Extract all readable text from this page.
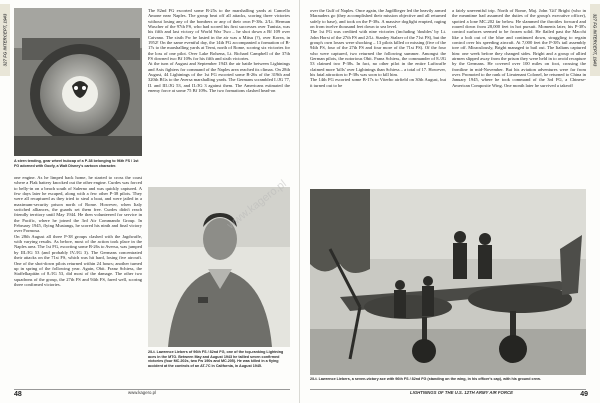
327 FG INTERCEPT, 1943
A stern tending, gear wheel hubcap of a P-38 belonging to 96th FS / 1st FG adorned with Goofy, a Walt Disney's cartoon character.
The 82nd FG escorted some B-25s to the marshalling yards at Cancello Amone near Naples. The group beat off all attacks, scoring three victories without losing any of the bombers or any of their own P-38s. 2/Lt. Herman Wascher of the 97th FS, who had scored his first successes over Tunisia, was his fifth and last victory of World War Two – he shot down a Bf 109 over Caivano. The sixth Fw he lasted in the air was a Mitsu (?), over Korea, in 1952! On the same eventful day, the 14th FG accompanied a formation of B-17s to the marshalling yards at Terni, north of Rome, scoring six victories for the loss of one pilot. Over Lake Bolsena, Lt. Richard Campbell of the 37th FS downed two Bf 109s for his fifth and sixth victories.
At the turn of August and September 1943 the air battle between Lightnings and Axis fighters for command of the Naples area reached its climax. On 28th August, 44 Lightnings of the 1st FG escorted some B-26s of the 319th and 320th BGs to the Aversa marshalling yards. The Germans scrambled I./JG 77, II. and III./JG 53, and II./JG 3 against them. The Americans estimated the enemy force at some 75 Bf 109s. The two formations clashed head-on
one engine. As he limped back home, he started to cross the coast where a Flak battery knocked out the other engine. Curdes was forced to belly-in on a beach south of Salerno and was quickly captured. A few days later he escaped, along with a few other P-38 pilots. They were all recaptured as they tried to steal a boat, and were jailed in a maximum-security prison north of Rome. However, when Italy switched alliances, the guards set them free. Curdes didn't reach friendly territory until May 1944. He then volunteered for service in the Pacific, where he joined the 3rd Air Commando Group. In February 1945, flying Mustangs, he scored his ninth and final victory over Formosa.
On 28th August all three P-38 groups clashed with the Jagdwaffe, with varying results. As before, most of the action took place in the Naples area. The 1st FG, escorting some B-26s to Aversa, was jumped by III./JG 53 (and probably IV./JG 3). The Germans concentrated their attacks on the 71st FS, which was hit hard, losing five aircraft. One of the shot-down pilots returned within 24 hours; another turned up in spring of the following year. Again, Obit. Franz Schiess, the Staffelkapitän of 8./JG 53, did most of the damage. The other two squadrons of the group, the 27th FS and 94th FS, fared well, scoring three confirmed victories.
2/Lt. Lawrence Liebers of 96th FS / 82nd FG, one of the top-ranking Lightning aces in the MTO. Between May and August 1943 he tallied seven confirmed victories (four MC.202s, two Fw 190s and MC.205). He was killed in a flying accident at the controls of an AT-7C in California, in August 1945.
48	www.kagero.pl
327 FG INTERCEPT, 1943
over the Gulf of Naples. Once again, the Jagdflieger led the heavily armed Marauders go (they accomplished their mission objective and all returned safely to base), and took on the P-38s. A massive dogfight erupted, raging on from twelve thousand feet down to sea level.
The 1st FG was credited with nine victories (including 'doubles' by Lt. John Horst of the 27th FS and 2/Lt. Stanley Stalzer of the 71st FS), but the group's own losses were shocking – 13 pilots killed or missing (five of the 94th FS, four of the 27th FS and four more of the 71st FS). Of the four who were captured, two returned the following summer. Amongst the German pilots, the notorious Obit. Franz Schiess, the commander of 8./JG 53 claimed two P-38s. In fact, no other pilot in the entire Luftwaffe claimed more 'kills' over Lightnings than Schiess – a total of 17. However, his fatal attraction to P-38s was soon to kill him.
The 14th FG escorted some B-17s to Viterbo airfield on 30th August, but it turned out to be
a fairly uneventful trip. North of Rome, Maj. John 'Gil' Bright (who in the meantime had assumed the duties of the group's executive officer), spotted a lone MC.202 far below. He slammed the throttles forward and roared down from 28,000 feet in hot pursuit. Moments later, his P-38's control surfaces seemed to be frozen solid. He flailed past the Macchi like a bolt out of the blue and continued down, struggling to regain control over his speeding aircraft. At 7,000 feet the P-38's tail assembly tore off. Miraculously, Bright managed to bail out. The Italians captured him: one week before they changed sides. Bright and a group of allied airmen slipped away from the prison they were held in to avoid recapture by the Germans. He covered over 100 miles on foot, crossing the frontline in mid-November. But his aviation adventures were far from over. Promoted to the rank of Lieutenant Colonel, he returned to China in January 1945, where he took command of the 3rd FG, a Chinese-American Composite Wing. One month later he survived a takeoff
2/Lt. Lawrence Liebers, a seven-victory ace with 96th FS / 82nd FG (standing on the wing, in his officer's cap), with his ground crew.
LIGHTNINGS OF THE U.S. 12TH ARMY AIR FORCE	49
www.kagero.pl
